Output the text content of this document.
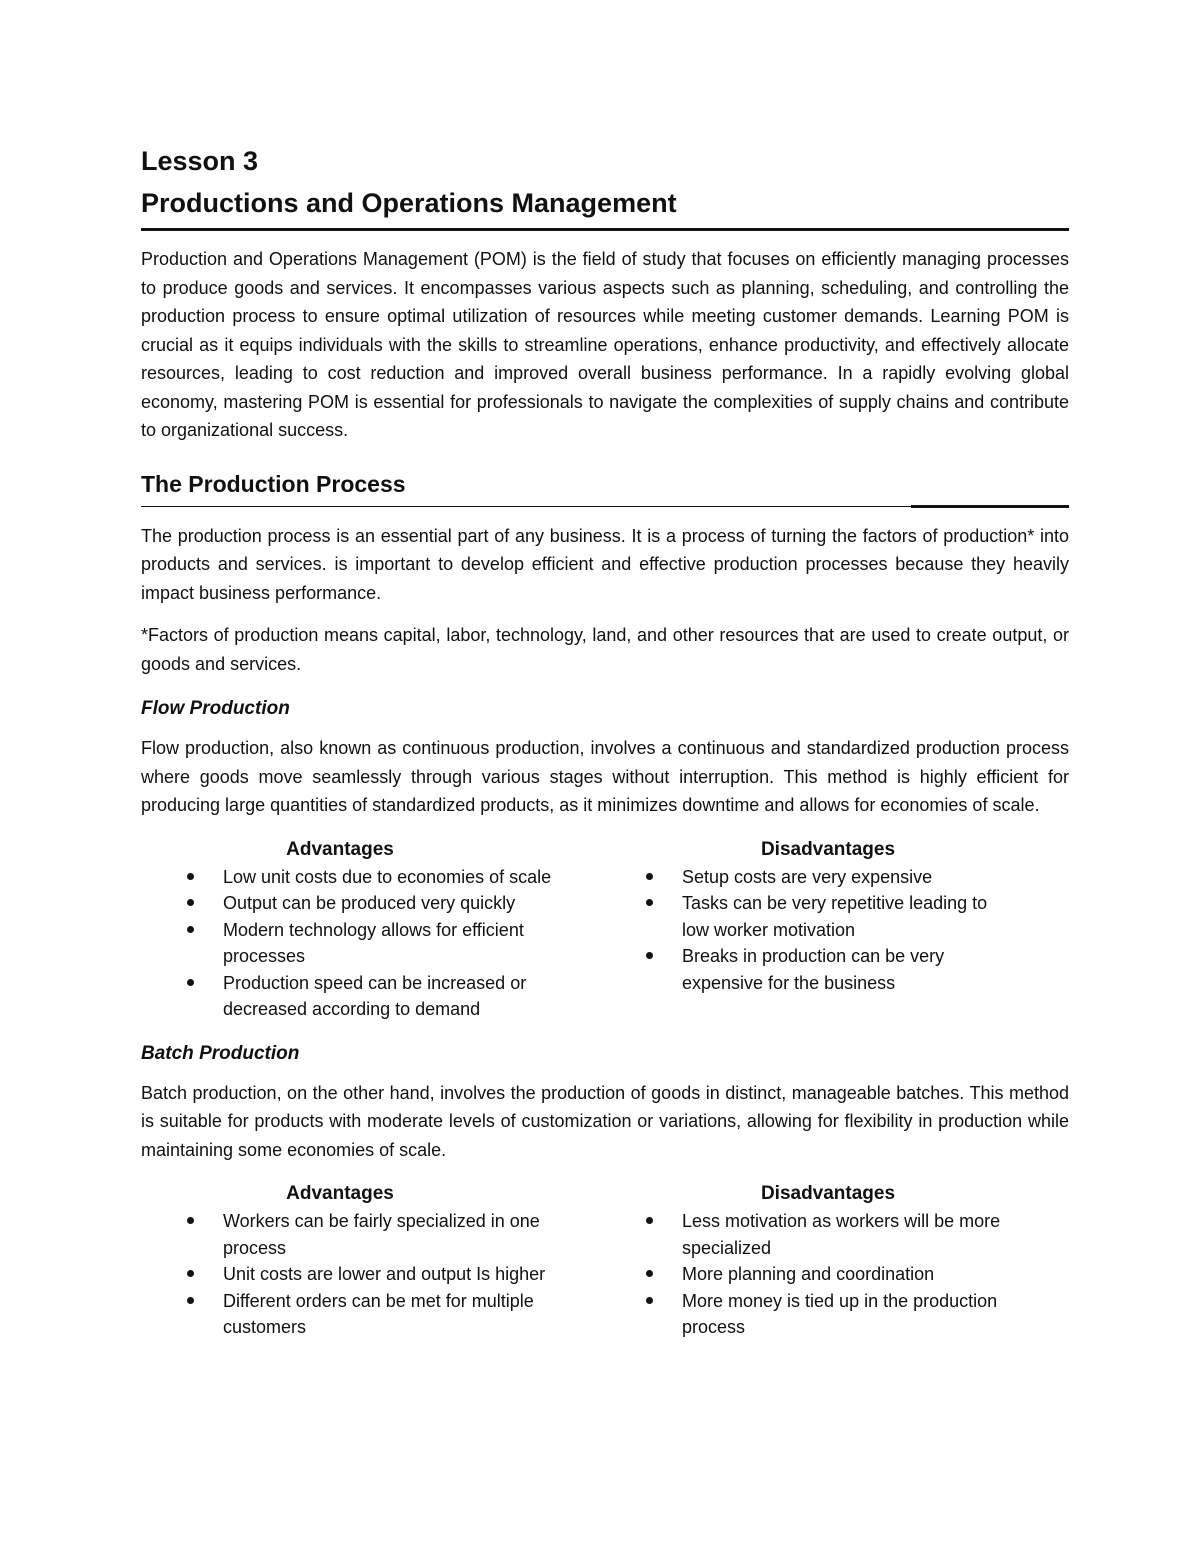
Lesson 3
Productions and Operations Management

Production and Operations Management (POM) is the field of study that focuses on efficiently managing processes to produce goods and services. It encompasses various aspects such as planning, scheduling, and controlling the production process to ensure optimal utilization of resources while meeting customer demands. Learning POM is crucial as it equips individuals with the skills to streamline operations, enhance productivity, and effectively allocate resources, leading to cost reduction and improved overall business performance. In a rapidly evolving global economy, mastering POM is essential for professionals to navigate the complexities of supply chains and contribute to organizational success.

The Production Process

The production process is an essential part of any business. It is a process of turning the factors of production* into products and services. is important to develop efficient and effective production processes because they heavily impact business performance.

*Factors of production means capital, labor, technology, land, and other resources that are used to create output, or goods and services.

Flow Production

Flow production, also known as continuous production, involves a continuous and standardized production process where goods move seamlessly through various stages without interruption. This method is highly efficient for producing large quantities of standardized products, as it minimizes downtime and allows for economies of scale.

Advantages
Low unit costs due to economies of scale
Output can be produced very quickly
Modern technology allows for efficient processes
Production speed can be increased or decreased according to demand
Disadvantages
Setup costs are very expensive
Tasks can be very repetitive leading to low worker motivation
Breaks in production can be very expensive for the business
Batch Production

Batch production, on the other hand, involves the production of goods in distinct, manageable batches. This method is suitable for products with moderate levels of customization or variations, allowing for flexibility in production while maintaining some economies of scale.

Advantages
Workers can be fairly specialized in one process
Unit costs are lower and output Is higher
Different orders can be met for multiple customers
Disadvantages
Less motivation as workers will be more specialized
More planning and coordination
More money is tied up in the production process
